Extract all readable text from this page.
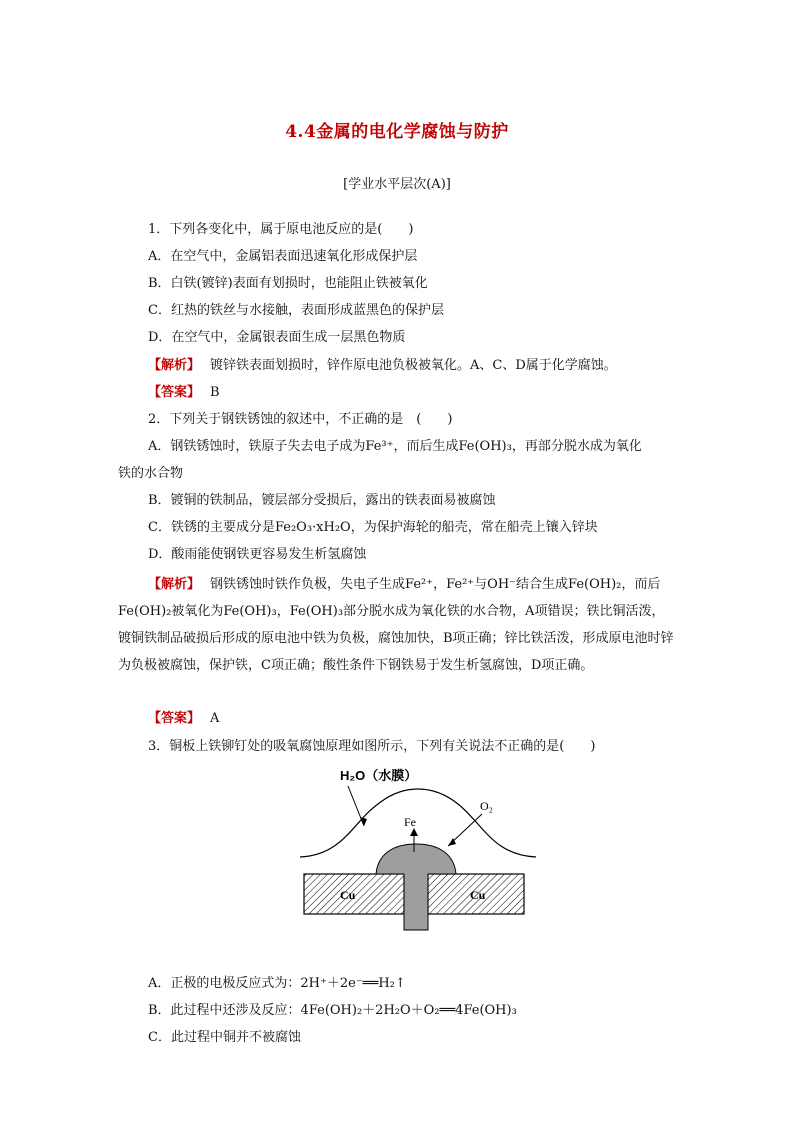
4.4金属的电化学腐蚀与防护
[学业水平层次(A)]
1．下列各变化中，属于原电池反应的是(　　)
A．在空气中，金属铝表面迅速氧化形成保护层
B．白铁(镀锌)表面有划损时，也能阻止铁被氧化
C．红热的铁丝与水接触，表面形成蓝黑色的保护层
D．在空气中，金属银表面生成一层黑色物质
【解析】 镀锌铁表面划损时，锌作原电池负极被氧化。A、C、D属于化学腐蚀。
【答案】 B
2．下列关于钢铁锈蚀的叙述中，不正确的是　(　　)
A．钢铁锈蚀时，铁原子失去电子成为Fe³⁺，而后生成Fe(OH)₃，再部分脱水成为氧化
铁的水合物
B．镀铜的铁制品，镀层部分受损后，露出的铁表面易被腐蚀
C．铁锈的主要成分是Fe₂O₃·xH₂O，为保护海轮的船壳，常在船壳上镶入锌块
D．酸雨能使钢铁更容易发生析氢腐蚀
【解析】 钢铁锈蚀时铁作负极，失电子生成Fe²⁺，Fe²⁺与OH⁻结合生成Fe(OH)₂，而后Fe(OH)₂被氧化为Fe(OH)₃，Fe(OH)₃部分脱水成为氧化铁的水合物，A项错误；铁比铜活泼，镀铜铁制品破损后形成的原电池中铁为负极，腐蚀加快，B项正确；锌比铁活泼，形成原电池时锌为负极被腐蚀，保护铁，C项正确；酸性条件下钢铁易于发生析氢腐蚀，D项正确。
【答案】 A
3．铜板上铁铆钉处的吸氧腐蚀原理如图所示，下列有关说法不正确的是(　　)
H₂O（水膜）
O₂
Fe
Cu	Cu
A．正极的电极反应式为：2H⁺＋2e⁻══H₂↑
B．此过程中还涉及反应：4Fe(OH)₂＋2H₂O＋O₂══4Fe(OH)₃
C．此过程中铜并不被腐蚀
